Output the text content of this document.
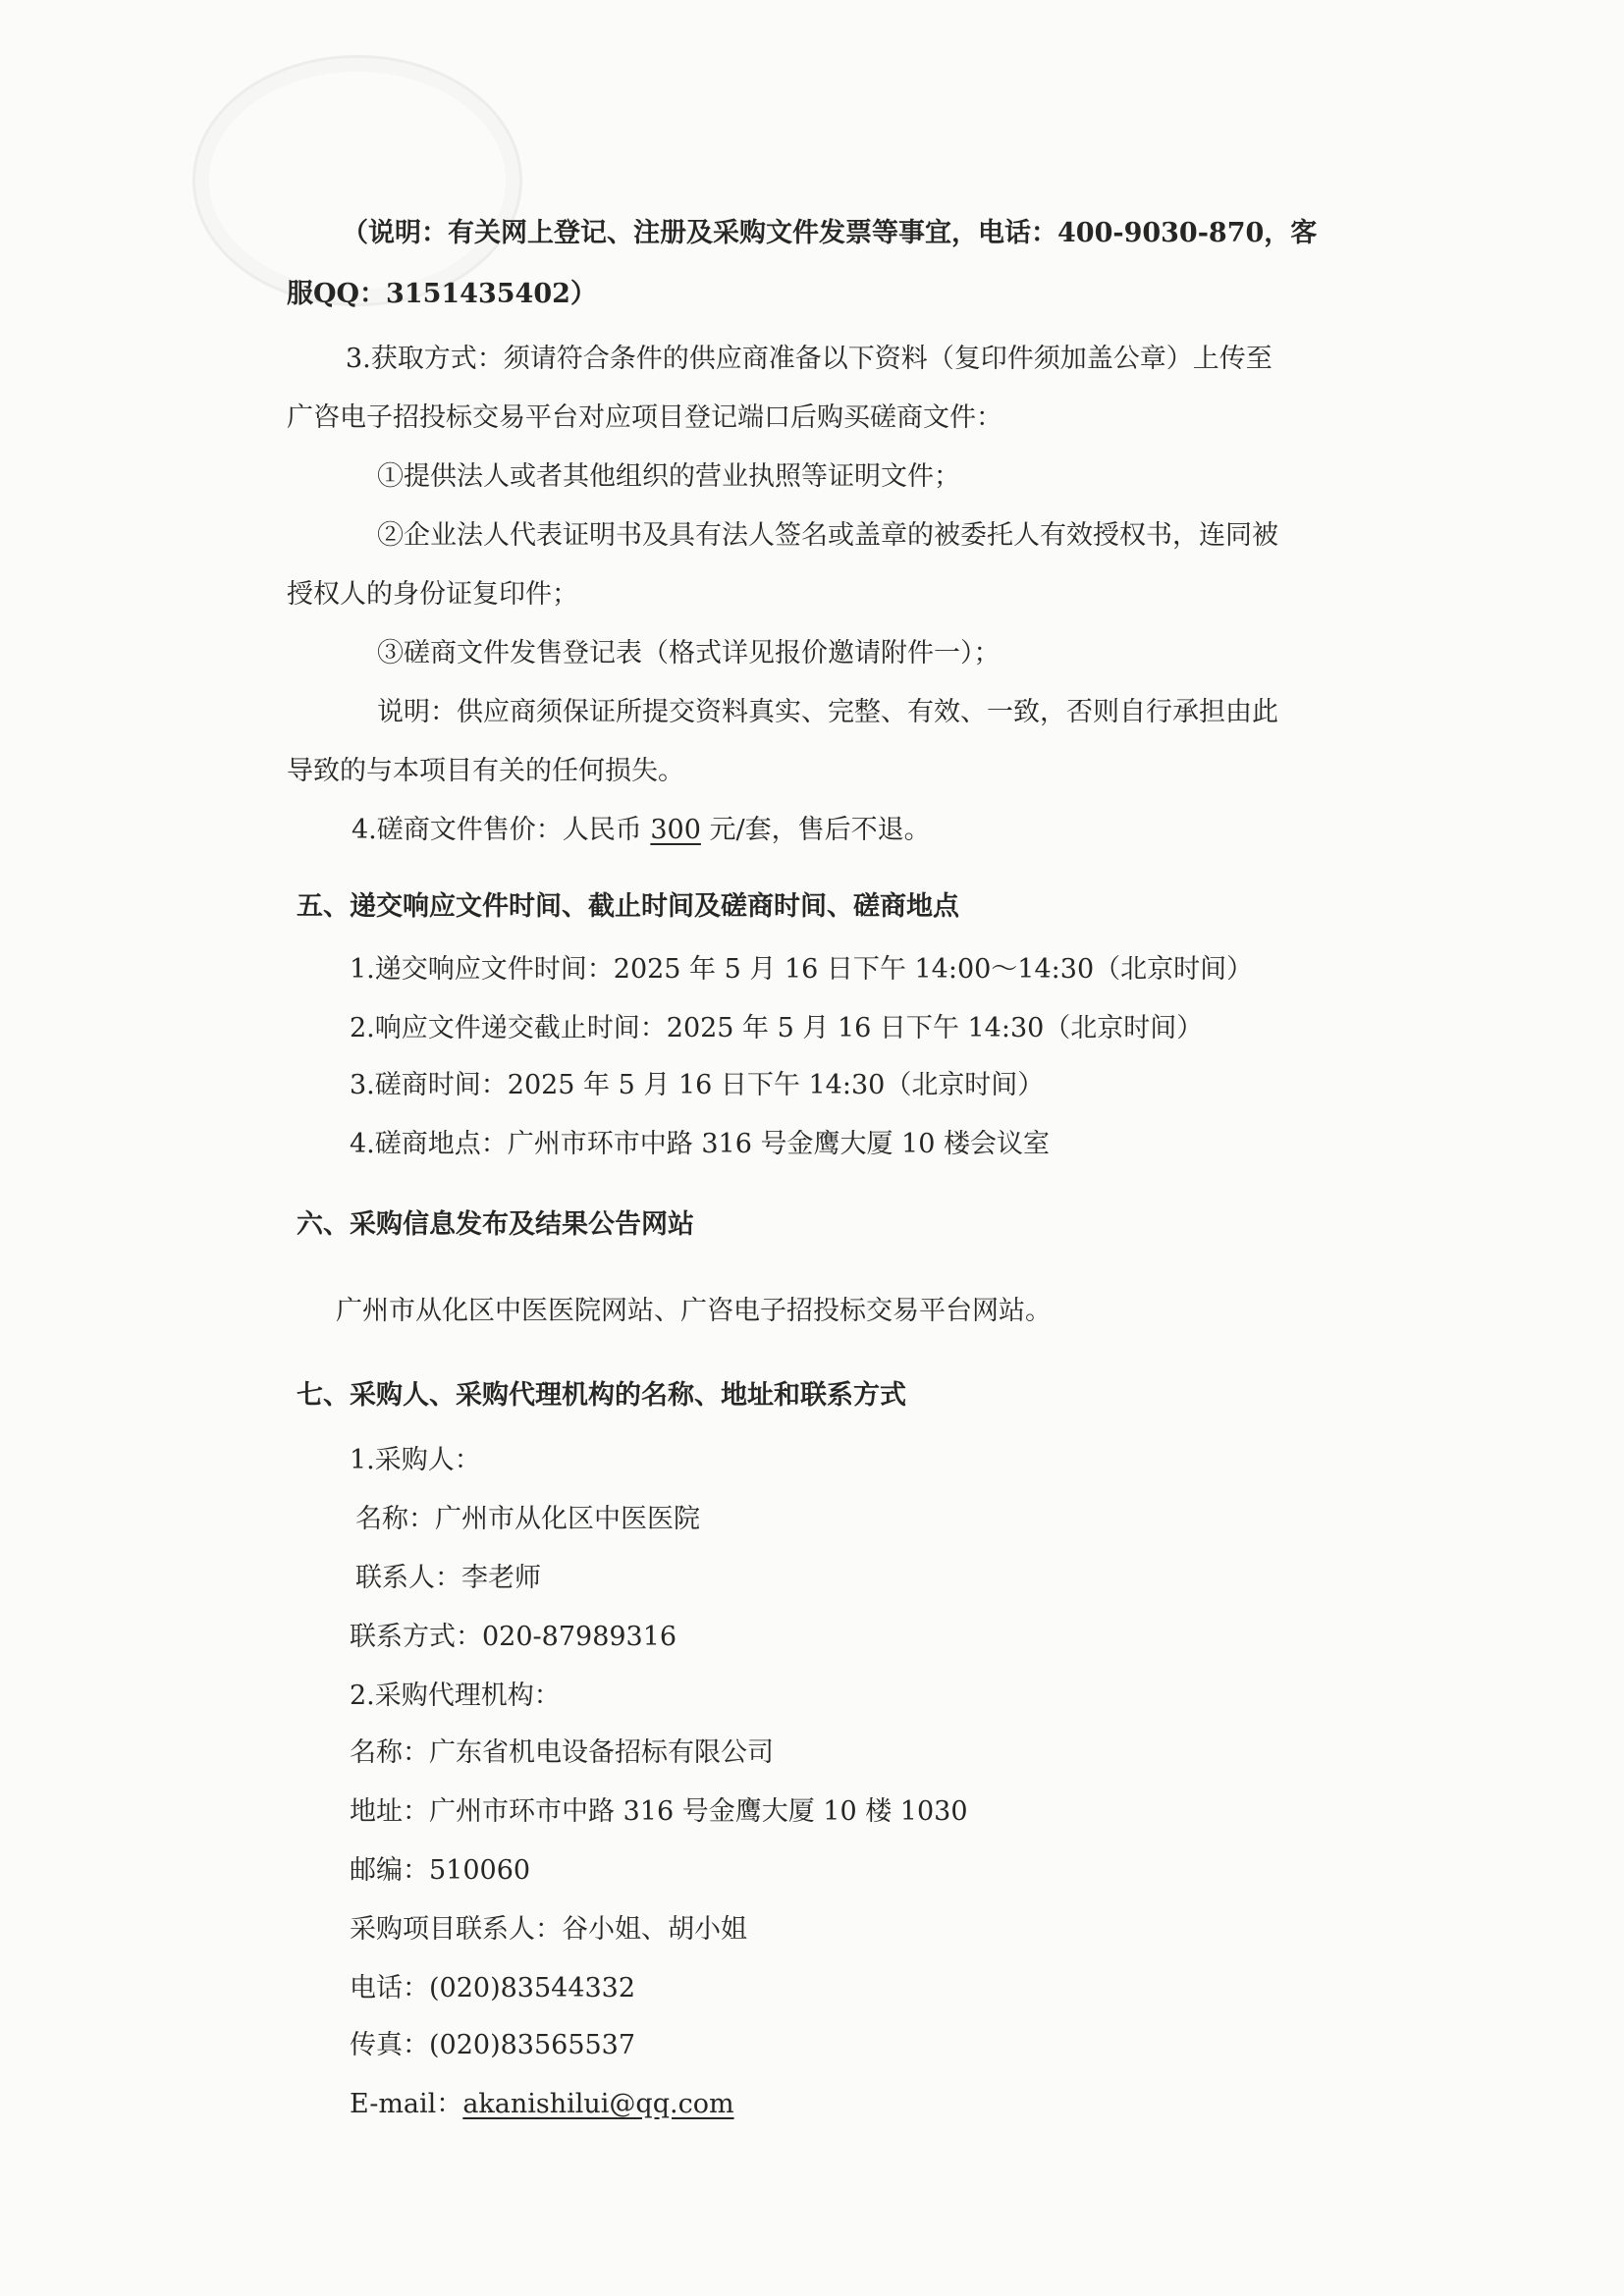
（说明：有关网上登记、注册及采购文件发票等事宜，电话：400-9030-870，客
服QQ：3151435402）
3.获取方式：须请符合条件的供应商准备以下资料（复印件须加盖公章）上传至
广咨电子招投标交易平台对应项目登记端口后购买磋商文件：
①提供法人或者其他组织的营业执照等证明文件；
②企业法人代表证明书及具有法人签名或盖章的被委托人有效授权书，连同被
授权人的身份证复印件；
③磋商文件发售登记表（格式详见报价邀请附件一）；
说明：供应商须保证所提交资料真实、完整、有效、一致，否则自行承担由此
导致的与本项目有关的任何损失。
4.磋商文件售价：人民币 300 元/套，售后不退。
五、递交响应文件时间、截止时间及磋商时间、磋商地点
1.递交响应文件时间：2025 年 5 月 16 日下午 14:00～14:30（北京时间）
2.响应文件递交截止时间：2025 年 5 月 16 日下午 14:30（北京时间）
3.磋商时间：2025 年 5 月 16 日下午 14:30（北京时间）
4.磋商地点：广州市环市中路 316 号金鹰大厦 10 楼会议室
六、采购信息发布及结果公告网站
广州市从化区中医医院网站、广咨电子招投标交易平台网站。
七、采购人、采购代理机构的名称、地址和联系方式
1.采购人：
名称：广州市从化区中医医院
联系人：李老师
联系方式：020-87989316
2.采购代理机构：
名称：广东省机电设备招标有限公司
地址：广州市环市中路 316 号金鹰大厦 10 楼 1030
邮编：510060
采购项目联系人：谷小姐、胡小姐
电话：(020)83544332
传真：(020)83565537
E-mail：akanishilui@qq.com
